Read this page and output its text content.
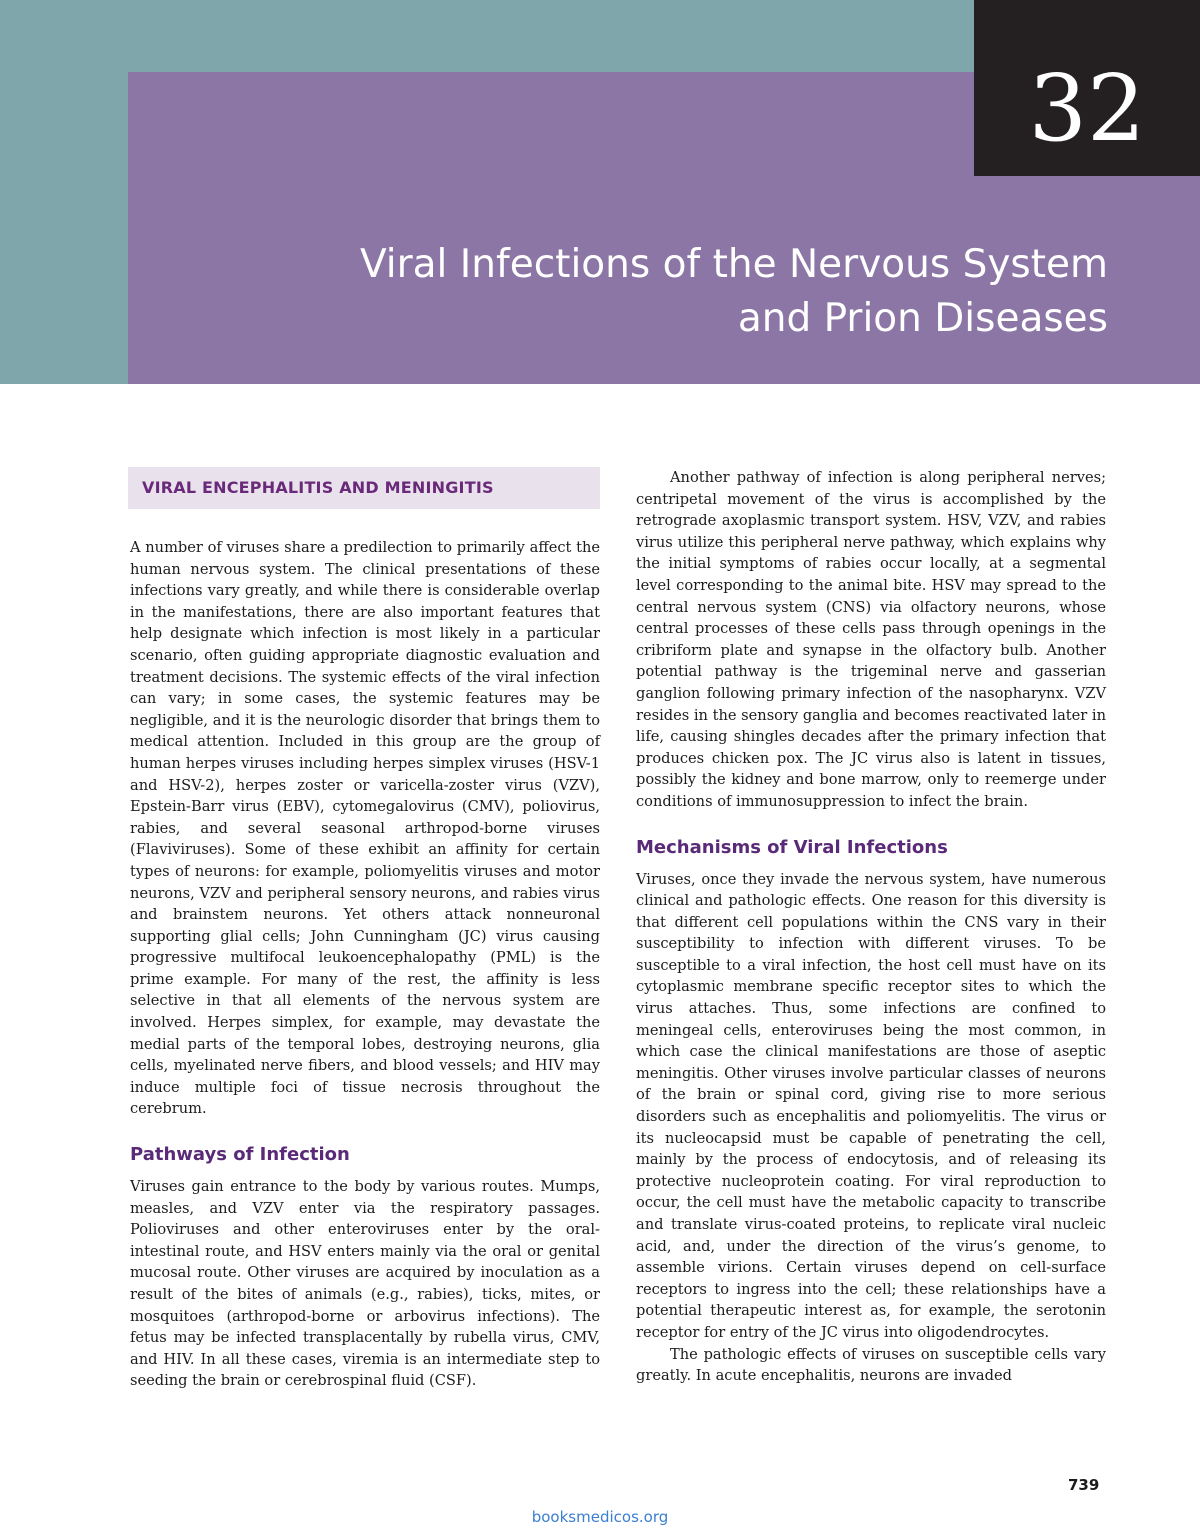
32
Viral Infections of the Nervous System
and Prion Diseases
VIRAL ENCEPHALITIS AND MENINGITIS

A number of viruses share a predilection to primarily affect the human nervous system. The clinical presentations of these infections vary greatly, and while there is considerable overlap in the manifestations, there are also important features that help designate which infection is most likely in a particular scenario, often guiding appropriate diagnostic evaluation and treatment decisions. The systemic effects of the viral infection can vary; in some cases, the systemic features may be negligible, and it is the neurologic disorder that brings them to medical attention. Included in this group are the group of human herpes viruses including herpes simplex viruses (HSV-1 and HSV-2), herpes zoster or varicella-zoster virus (VZV), Epstein-Barr virus (EBV), cytomegalovirus (CMV), poliovirus, rabies, and several seasonal arthropod-borne viruses (Flaviviruses). Some of these exhibit an affinity for certain types of neurons: for example, poliomyelitis viruses and motor neurons, VZV and peripheral sensory neurons, and rabies virus and brainstem neurons. Yet others attack nonneuronal supporting glial cells; John Cunningham (JC) virus causing progressive multifocal leukoencephalopathy (PML) is the prime example. For many of the rest, the affinity is less selective in that all elements of the nervous system are involved. Herpes simplex, for example, may devastate the medial parts of the temporal lobes, destroying neurons, glia cells, myelinated nerve fibers, and blood vessels; and HIV may induce multiple foci of tissue necrosis throughout the cerebrum.

Pathways of Infection

Viruses gain entrance to the body by various routes. Mumps, measles, and VZV enter via the respiratory passages. Polioviruses and other enteroviruses enter by the oral-intestinal route, and HSV enters mainly via the oral or genital mucosal route. Other viruses are acquired by inoculation as a result of the bites of animals (e.g., rabies), ticks, mites, or mosquitoes (arthropod-borne or arbovirus infections). The fetus may be infected transplacentally by rubella virus, CMV, and HIV. In all these cases, viremia is an intermediate step to seeding the brain or cerebrospinal fluid (CSF).

Another pathway of infection is along peripheral nerves; centripetal movement of the virus is accomplished by the retrograde axoplasmic transport system. HSV, VZV, and rabies virus utilize this peripheral nerve pathway, which explains why the initial symptoms of rabies occur locally, at a segmental level corresponding to the animal bite. HSV may spread to the central nervous system (CNS) via olfactory neurons, whose central processes of these cells pass through openings in the cribriform plate and synapse in the olfactory bulb. Another potential pathway is the trigeminal nerve and gasserian ganglion following primary infection of the nasopharynx. VZV resides in the sensory ganglia and becomes reactivated later in life, causing shingles decades after the primary infection that produces chicken pox. The JC virus also is latent in tissues, possibly the kidney and bone marrow, only to reemerge under conditions of immunosuppression to infect the brain.

Mechanisms of Viral Infections

Viruses, once they invade the nervous system, have numerous clinical and pathologic effects. One reason for this diversity is that different cell populations within the CNS vary in their susceptibility to infection with different viruses. To be susceptible to a viral infection, the host cell must have on its cytoplasmic membrane specific receptor sites to which the virus attaches. Thus, some infections are confined to meningeal cells, enteroviruses being the most common, in which case the clinical manifestations are those of aseptic meningitis. Other viruses involve particular classes of neurons of the brain or spinal cord, giving rise to more serious disorders such as encephalitis and poliomyelitis. The virus or its nucleocapsid must be capable of penetrating the cell, mainly by the process of endocytosis, and of releasing its protective nucleoprotein coating. For viral reproduction to occur, the cell must have the metabolic capacity to transcribe and translate virus-coated proteins, to replicate viral nucleic acid, and, under the direction of the virus’s genome, to assemble virions. Certain viruses depend on cell-surface receptors to ingress into the cell; these relationships have a potential therapeutic interest as, for example, the serotonin receptor for entry of the JC virus into oligodendrocytes.

The pathologic effects of viruses on susceptible cells vary greatly. In acute encephalitis, neurons are invaded

739
booksmedicos.org
